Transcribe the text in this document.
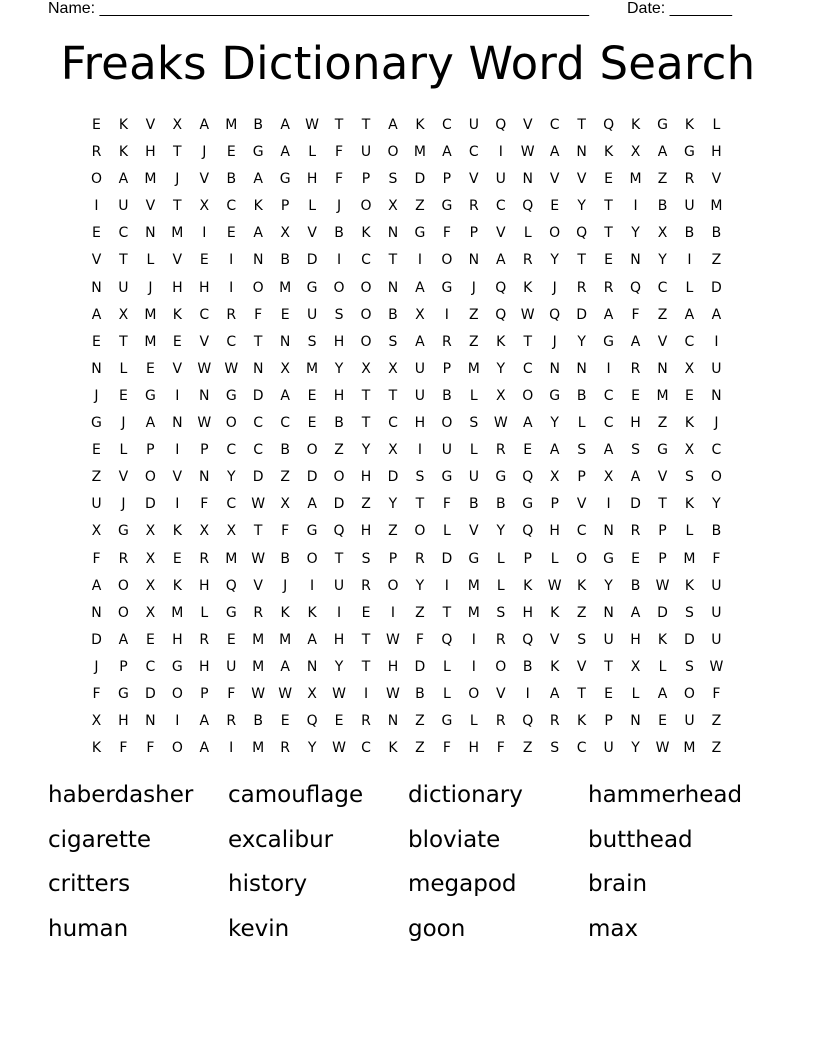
Name: _______________________________________________________ Date: _______
Freaks Dictionary Word Search
E	K	V	X	A	M	B	A	W	T	T	A	K	C	U	Q	V	C	T	Q	K	G	K	L
R	K	H	T	J	E	G	A	L	F	U	O	M	A	C	I	W	A	N	K	X	A	G	H
O	A	M	J	V	B	A	G	H	F	P	S	D	P	V	U	N	V	V	E	M	Z	R	V
I	U	V	T	X	C	K	P	L	J	O	X	Z	G	R	C	Q	E	Y	T	I	B	U	M
E	C	N	M	I	E	A	X	V	B	K	N	G	F	P	V	L	O	Q	T	Y	X	B	B
V	T	L	V	E	I	N	B	D	I	C	T	I	O	N	A	R	Y	T	E	N	Y	I	Z
N	U	J	H	H	I	O	M	G	O	O	N	A	G	J	Q	K	J	R	R	Q	C	L	D
A	X	M	K	C	R	F	E	U	S	O	B	X	I	Z	Q	W	Q	D	A	F	Z	A	A
E	T	M	E	V	C	T	N	S	H	O	S	A	R	Z	K	T	J	Y	G	A	V	C	I
N	L	E	V	W W	N	X	M	Y	X	X	U	P	M	Y	C	N	N	I	R	N	X	U
J	E	G	I	N	G	D	A	E	H	T	T	U	B	L	X	O	G	B	C	E	M	E	N
G	J	A	N	W	O	C	C	E	B	T	C	H	O	S	W	A	Y	L	C	H	Z	K	J
E	L	P	I	P	C	C	B	O	Z	Y	X	I	U	L	R	E	A	S	A	S	G	X	C
Z	V	O	V	N	Y	D	Z	D	O	H	D	S	G	U	G	Q	X	P	X	A	V	S	O
U	J	D	I	F	C	W	X	A	D	Z	Y	T	F	B	B	G	P	V	I	D	T	K	Y
X	G	X	K	X	X	T	F	G	Q	H	Z	O	L	V	Y	Q	H	C	N	R	P	L	B
F	R	X	E	R	M W	B	O	T	S	P	R	D	G	L	P	L	O	G	E	P	M	F
A	O	X	K	H	Q	V	J	I	U	R	O	Y	I	M	L	K	W	K	Y	B	W	K	U
N	O	X	M	L	G	R	K	K	I	E	I	Z	T	M	S	H	K	Z	N	A	D	S	U
D	A	E	H	R	E	M	M	A	H	T	W	F	Q	I	R	Q	V	S	U	H	K	D	U
J	P	C	G	H	U	M	A	N	Y	T	H	D	L	I	O	B	K	V	T	X	L	S	W
F	G	D	O	P	F	W W	X	W	I	W	B	L	O	V	I	A	T	E	L	A	O	F
X	H	N	I	A	R	B	E	Q	E	R	N	Z	G	L	R	Q	R	K	P	N	E	U	Z
K	F	F	O	A	I	M	R	Y	W	C	K	Z	F	H	F	Z	S	C	U	Y	W M	Z
haberdasher	camouflage	dictionary	hammerhead
cigarette	excalibur	bloviate	butthead
critters	history	megapod	brain
human	kevin	goon	max
